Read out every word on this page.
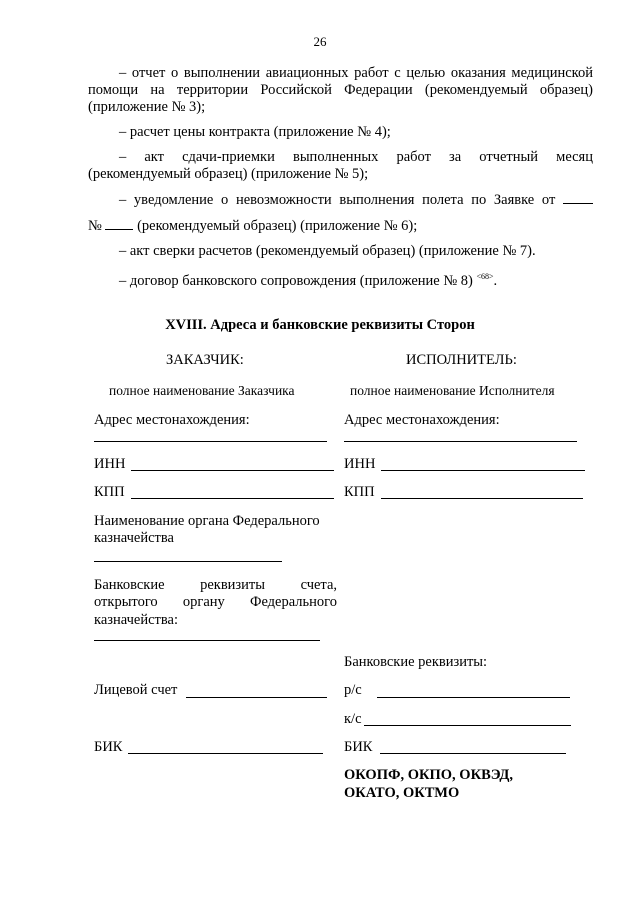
26
– отчет о выполнении авиационных работ с целью оказания медицинской помощи на территории Российской Федерации (рекомендуемый образец) (приложение № 3);
– расчет цены контракта (приложение № 4);
– акт сдачи-приемки выполненных работ за отчетный месяц (рекомендуемый образец) (приложение № 5);
– уведомление о невозможности выполнения полета по Заявке от
№ (рекомендуемый образец) (приложение № 6);
– акт сверки расчетов (рекомендуемый образец) (приложение № 7).
– договор банковского сопровождения (приложение № 8) $^{<68>}$.
XVIII. Адреса и банковские реквизиты Сторон
ЗАКАЗЧИК:
полное наименование Заказчика
Адрес местонахождения:
ИНН
КПП
Наименование органа Федерального
казначейства
Банковские реквизиты счета,
открытого органу Федерального
казначейства:
Лицевой счет
БИК
ИСПОЛНИТЕЛЬ:
полное наименование Исполнителя
Адрес местонахождения:
ИНН
КПП
Банковские реквизиты:
р/с
к/с
БИК
ОКОПФ, ОКПО, ОКВЭД,
ОКАТО, ОКТМО
